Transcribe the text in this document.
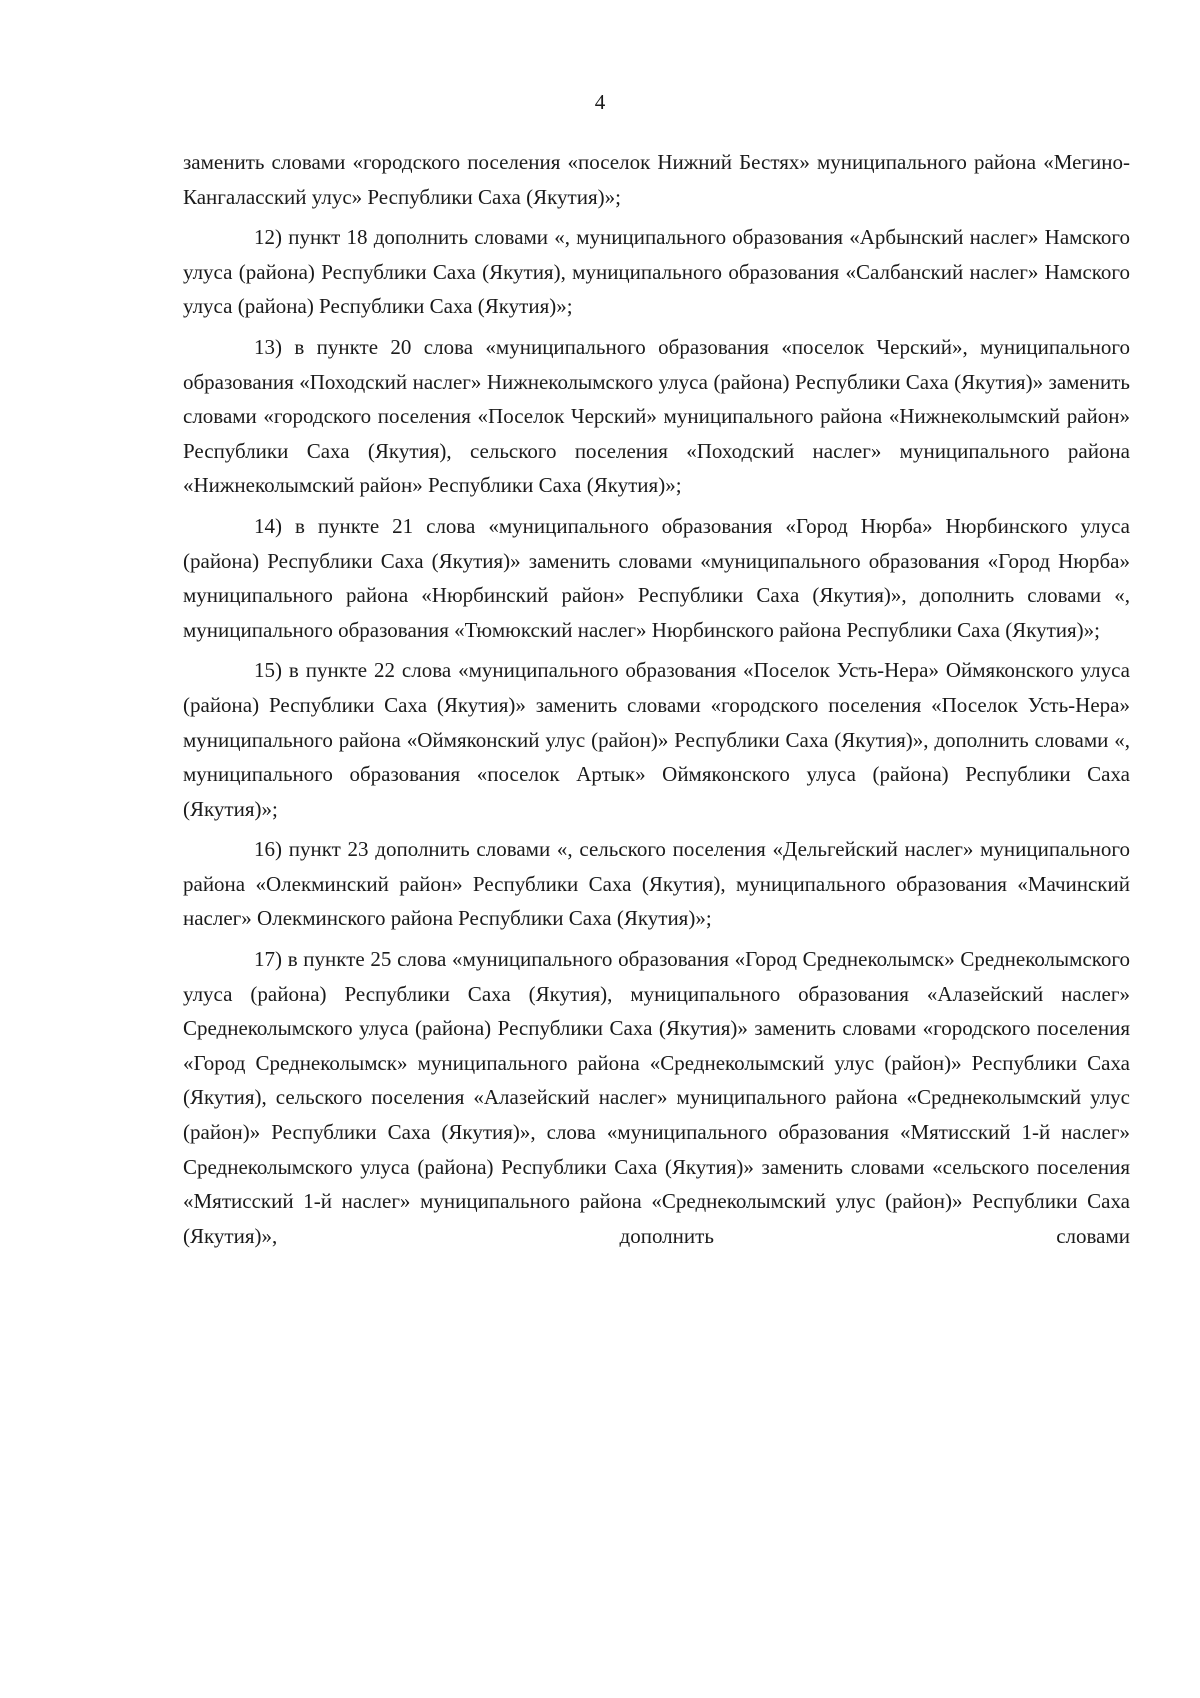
4

заменить словами «городского поселения «поселок Нижний Бестях» муниципального района «Мегино-Кангаласский улус» Республики Саха (Якутия)»;

12) пункт 18 дополнить словами «, муниципального образования «Арбынский наслег» Намского улуса (района) Республики Саха (Якутия), муниципального образования «Салбанский наслег» Намского улуса (района) Республики Саха (Якутия)»;

13) в пункте 20 слова «муниципального образования «поселок Черский», муниципального образования «Походский наслег» Нижнеколымского улуса (района) Республики Саха (Якутия)» заменить словами «городского поселения «Поселок Черский» муниципального района «Нижнеколымский район» Республики Саха (Якутия), сельского поселения «Походский наслег» муниципального района «Нижнеколымский район» Республики Саха (Якутия)»;

14) в пункте 21 слова «муниципального образования «Город Нюрба» Нюрбинского улуса (района) Республики Саха (Якутия)» заменить словами «муниципального образования «Город Нюрба» муниципального района «Нюрбинский район» Республики Саха (Якутия)», дополнить словами «, муниципального образования «Тюмюкский наслег» Нюрбинского района Республики Саха (Якутия)»;

15) в пункте 22 слова «муниципального образования «Поселок Усть-Нера» Оймяконского улуса (района) Республики Саха (Якутия)» заменить словами «городского поселения «Поселок Усть-Нера» муниципального района «Оймяконский улус (район)» Республики Саха (Якутия)», дополнить словами «, муниципального образования «поселок Артык» Оймяконского улуса (района) Республики Саха (Якутия)»;

16) пункт 23 дополнить словами «, сельского поселения «Дельгейский наслег» муниципального района «Олекминский район» Республики Саха (Якутия), муниципального образования «Мачинский наслег» Олекминского района Республики Саха (Якутия)»;

17) в пункте 25 слова «муниципального образования «Город Среднеколымск» Среднеколымского улуса (района) Республики Саха (Якутия), муниципального образования «Алазейский наслег» Среднеколымского улуса (района) Республики Саха (Якутия)» заменить словами «городского поселения «Город Среднеколымск» муниципального района «Среднеколымский улус (район)» Республики Саха (Якутия), сельского поселения «Алазейский наслег» муниципального района «Среднеколымский улус (район)» Республики Саха (Якутия)», слова «муниципального образования «Мятисский 1-й наслег» Среднеколымского улуса (района) Республики Саха (Якутия)» заменить словами «сельского поселения «Мятисский 1-й наслег» муниципального района «Среднеколымский улус (район)» Республики Саха (Якутия)», дополнить словами
